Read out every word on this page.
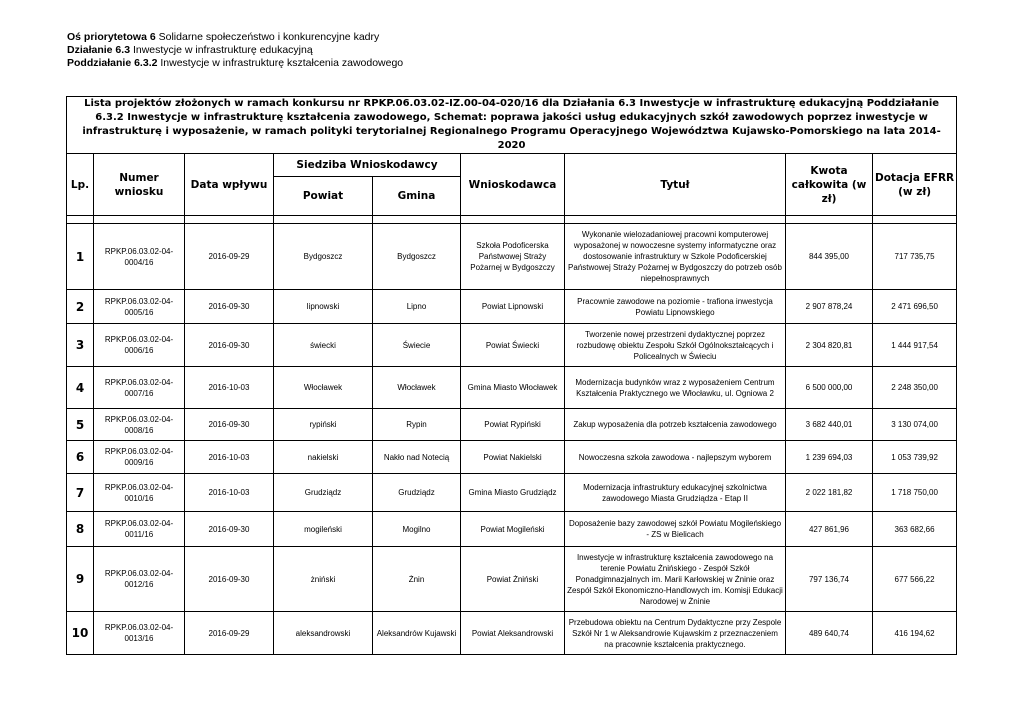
Oś priorytetowa 6 Solidarne społeczeństwo i konkurencyjne kadry
Działanie 6.3 Inwestycje w infrastrukturę edukacyjną
Poddziałanie 6.3.2 Inwestycje w infrastrukturę kształcenia zawodowego
Lista projektów złożonych w ramach konkursu nr RPKP.06.03.02-IZ.00-04-020/16 dla Działania 6.3 Inwestycje w infrastrukturę edukacyjną Poddziałanie 6.3.2 Inwestycje w infrastrukturę kształcenia zawodowego, Schemat: poprawa jakości usług edukacyjnych szkół zawodowych poprzez inwestycje w infrastrukturę i wyposażenie, w ramach polityki terytorialnej Regionalnego Programu Operacyjnego Województwa Kujawsko-Pomorskiego na lata 2014-2020								
Lp.	Numer wniosku	Data wpływu	Siedziba Wnioskodawcy		Wnioskodawca	Tytuł	Kwota całkowita (w zł)	Dotacja EFRR (w zł)
			Powiat	Gmina				

1	RPKP.06.03.02-04-0004/16	2016-09-29	Bydgoszcz	Bydgoszcz	Szkoła Podoficerska Państwowej Straży Pożarnej w Bydgoszczy	Wykonanie wielozadaniowej pracowni komputerowej wyposażonej w nowoczesne systemy informatyczne oraz dostosowanie infrastruktury w Szkole Podoficerskiej Państwowej Straży Pożarnej w Bydgoszczy do potrzeb osób niepełnosprawnych	844 395,00	717 735,75
2	RPKP.06.03.02-04-0005/16	2016-09-30	lipnowski	Lipno	Powiat Lipnowski	Pracownie zawodowe na poziomie - trafiona inwestycja Powiatu Lipnowskiego	2 907 878,24	2 471 696,50
3	RPKP.06.03.02-04-0006/16	2016-09-30	świecki	Świecie	Powiat Świecki	Tworzenie nowej przestrzeni dydaktycznej poprzez rozbudowę obiektu Zespołu Szkół Ogólnokształcących i Policealnych w Świeciu	2 304 820,81	1 444 917,54
4	RPKP.06.03.02-04-0007/16	2016-10-03	Włocławek	Włocławek	Gmina Miasto Włocławek	Modernizacja budynków wraz z wyposażeniem Centrum Kształcenia Praktycznego we Włocławku, ul. Ogniowa 2	6 500 000,00	2 248 350,00
5	RPKP.06.03.02-04-0008/16	2016-09-30	rypiński	Rypin	Powiat Rypiński	Zakup wyposażenia dla potrzeb kształcenia zawodowego	3 682 440,01	3 130 074,00
6	RPKP.06.03.02-04-0009/16	2016-10-03	nakielski	Nakło nad Notecią	Powiat Nakielski	Nowoczesna szkoła zawodowa - najlepszym wyborem	1 239 694,03	1 053 739,92
7	RPKP.06.03.02-04-0010/16	2016-10-03	Grudziądz	Grudziądz	Gmina Miasto Grudziądz	Modernizacja infrastruktury edukacyjnej szkolnictwa zawodowego Miasta Grudziądza - Etap II	2 022 181,82	1 718 750,00
8	RPKP.06.03.02-04-0011/16	2016-09-30	mogileński	Mogilno	Powiat Mogileński	Doposażenie bazy zawodowej szkół Powiatu Mogileńskiego - ZS w Bielicach	427 861,96	363 682,66
9	RPKP.06.03.02-04-0012/16	2016-09-30	żniński	Żnin	Powiat Żniński	Inwestycje w infrastrukturę kształcenia zawodowego na terenie Powiatu Żnińskiego - Zespół Szkół Ponadgimnazjalnych im. Marii Karłowskiej w Żninie oraz Zespół Szkół Ekonomiczno-Handlowych im. Komisji Edukacji Narodowej w Żninie	797 136,74	677 566,22
10	RPKP.06.03.02-04-0013/16	2016-09-29	aleksandrowski	Aleksandrów Kujawski	Powiat Aleksandrowski	Przebudowa obiektu na Centrum Dydaktyczne przy Zespole Szkół Nr 1 w Aleksandrowie Kujawskim z przeznaczeniem na pracownie kształcenia praktycznego.	489 640,74	416 194,62
